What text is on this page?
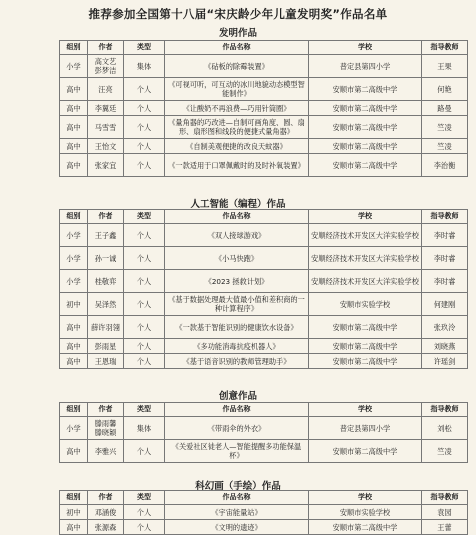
推荐参加全国第十八届“宋庆龄少年儿童发明奖”作品名单
发明作品
组别	作者	类型	作品名称	学校	指导教师
小学	高文艺 彭梦洁	集体	《砧板的除霉装置》	普定县第四小学	王果
高中	汪亮	个人	《可视可听，可互动的冰川地貌动态模型智能制作》	安顺市第二高级中学	何艳
高中	李翼廷	个人	《让酸奶不再浪费—巧用针筒圈》	安顺市第二高级中学	路曼
高中	马雪雪	个人	《量角器的巧改进—自制可画角度、圆、扇形、扇形图和线段的便捷式量角器》	安顺市第二高级中学	竺凌
高中	王怡文	个人	《自制美观便捷的改良天蚊器》	安顺市第二高级中学	竺凌
高中	张家宜	个人	《一款适用于口罩佩戴时的及时补氧装置》	安顺市第二高级中学	李治衡
人工智能（编程）作品
组别	作者	类型	作品名称	学校	指导教师
小学	王子鑫	个人	《双人接球游戏》	安顺经济技术开发区大洋实验学校	李时睿
小学	孙一诚	个人	《小马快跑》	安顺经济技术开发区大洋实验学校	李时睿
小学	桂敬弈	个人	《2023 拯救计划》	安顺经济技术开发区大洋实验学校	李时睿
初中	吴泽然	个人	《基于数据处理最大值最小值和差积商的一种计算程序》	安顺市实验学校	何建刚
高中	薛许羽翎	个人	《一款基于智能识别的健康饮水设备》	安顺市第二高级中学	张玖泠
高中	彭雨星	个人	《多功能消毒抗疫机器人》	安顺市第二高级中学	刘晓燕
高中	王恩瑞	个人	《基于语音识别的教师管理助手》	安顺市第二高级中学	许瑶剑
创意作品
组别	作者	类型	作品名称	学校	指导教师
小学	滕雨馨 滕晓颖	集体	《带雨伞的外衣》	普定县第四小学	刘松
高中	李雅兴	个人	《关爱社区徒老人—智能提醒多功能保温杯》	安顺市第二高级中学	竺凌
科幻画（手绘）作品
组别	作者	类型	作品名称	学校	指导教师
初中	邓涵俊	个人	《宇宙能量站》	安顺市实验学校	袁园
高中	张源森	个人	《文明的遗迹》	安顺市第二高级中学	王蕾
